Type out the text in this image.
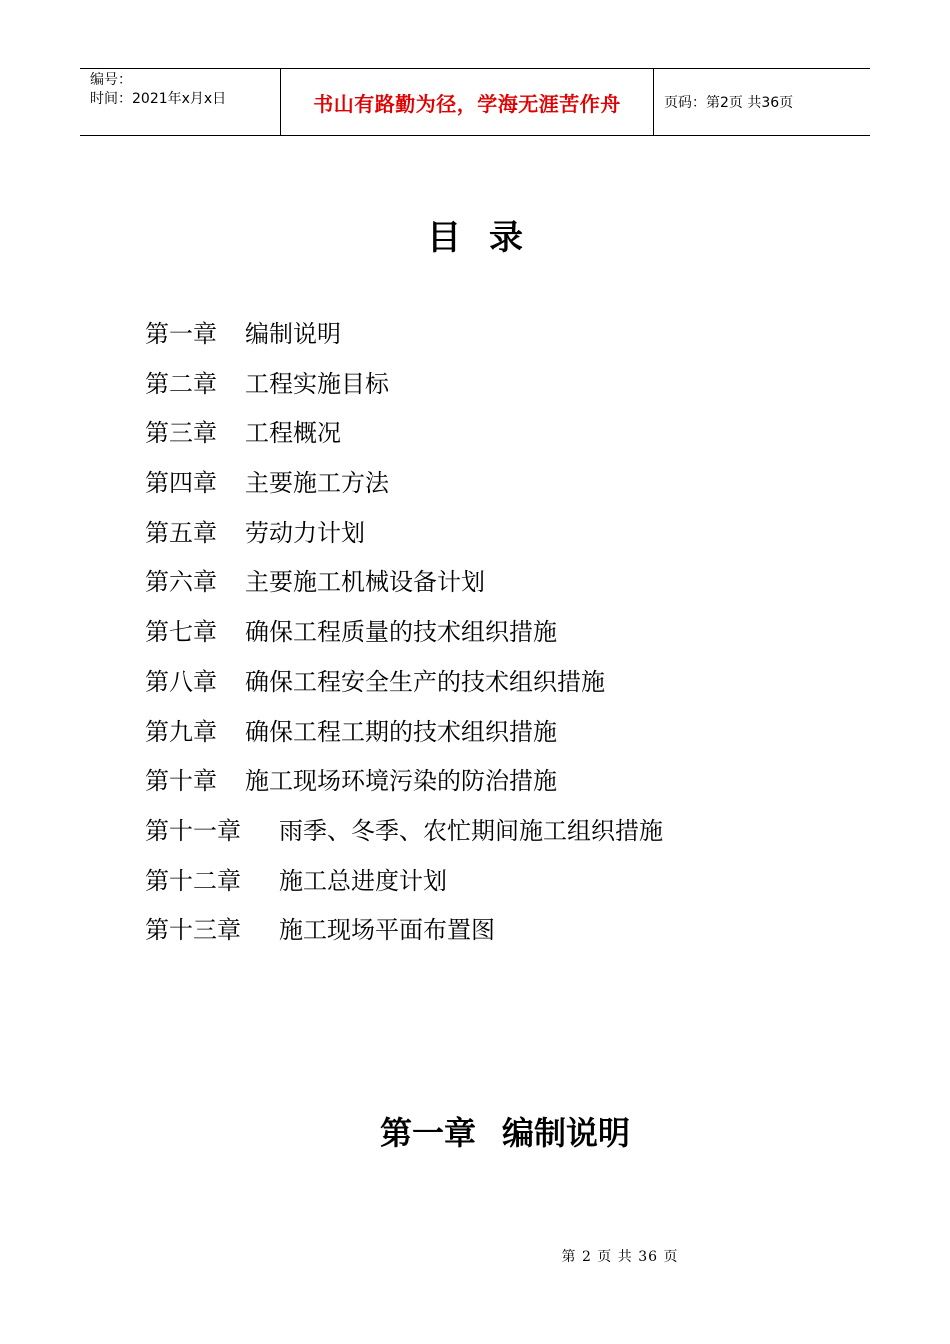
编号：
时间：2021年x月x日	书山有路勤为径，学海无涯苦作舟	页码：第2页 共36页
目录
第一章 编制说明
第二章 工程实施目标
第三章 工程概况
第四章 主要施工方法
第五章 劳动力计划
第六章 主要施工机械设备计划
第七章 确保工程质量的技术组织措施
第八章 确保工程安全生产的技术组织措施
第九章 确保工程工期的技术组织措施
第十章 施工现场环境污染的防治措施
第十一章 雨季、冬季、农忙期间施工组织措施
第十二章 施工总进度计划
第十三章 施工现场平面布置图
第一章 编制说明
第 2 页 共 36 页
